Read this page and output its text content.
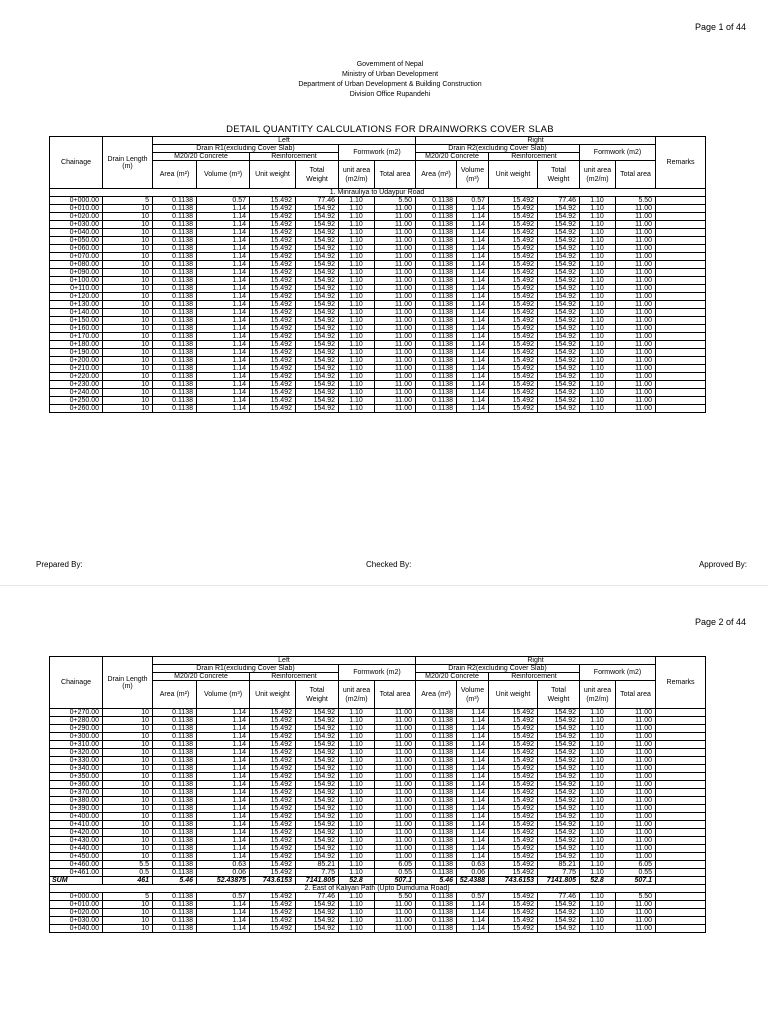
Page 1 of 44
Government of Nepal
Ministry of Urban Development
Department of Urban Development & Building Construction
Division Office Rupandehi
DETAIL QUANTITY CALCULATIONS FOR DRAINWORKS COVER SLAB
Chainage	Drain Length (m)	Left						Right						Remarks
		Drain R1(excluding Cover Slab)				Formwork (m2)		Drain R2(excluding Cover Slab)				Formwork (m2)		
		M20/20 Concrete		Reinforcement				M20/20 Concrete		Reinforcement				
		Area (m²)	Volume (m³)	Unit weight	Total Weight	unit area (m2/m)	Total area	Area (m²)	Volume (m³)	Unit weight	Total Weight	unit area (m2/m)	Total area	
1. Minrauliya to Udaypur Road														
0+000.00	5	0.1138	0.57	15.492	77.46	1.10	5.50	0.1138	0.57	15.492	77.46	1.10	5.50	
0+010.00	10	0.1138	1.14	15.492	154.92	1.10	11.00	0.1138	1.14	15.492	154.92	1.10	11.00	
0+020.00	10	0.1138	1.14	15.492	154.92	1.10	11.00	0.1138	1.14	15.492	154.92	1.10	11.00	
0+030.00	10	0.1138	1.14	15.492	154.92	1.10	11.00	0.1138	1.14	15.492	154.92	1.10	11.00	
0+040.00	10	0.1138	1.14	15.492	154.92	1.10	11.00	0.1138	1.14	15.492	154.92	1.10	11.00	
0+050.00	10	0.1138	1.14	15.492	154.92	1.10	11.00	0.1138	1.14	15.492	154.92	1.10	11.00	
0+060.00	10	0.1138	1.14	15.492	154.92	1.10	11.00	0.1138	1.14	15.492	154.92	1.10	11.00	
0+070.00	10	0.1138	1.14	15.492	154.92	1.10	11.00	0.1138	1.14	15.492	154.92	1.10	11.00	
0+080.00	10	0.1138	1.14	15.492	154.92	1.10	11.00	0.1138	1.14	15.492	154.92	1.10	11.00	
0+090.00	10	0.1138	1.14	15.492	154.92	1.10	11.00	0.1138	1.14	15.492	154.92	1.10	11.00	
0+100.00	10	0.1138	1.14	15.492	154.92	1.10	11.00	0.1138	1.14	15.492	154.92	1.10	11.00	
0+110.00	10	0.1138	1.14	15.492	154.92	1.10	11.00	0.1138	1.14	15.492	154.92	1.10	11.00	
0+120.00	10	0.1138	1.14	15.492	154.92	1.10	11.00	0.1138	1.14	15.492	154.92	1.10	11.00	
0+130.00	10	0.1138	1.14	15.492	154.92	1.10	11.00	0.1138	1.14	15.492	154.92	1.10	11.00	
0+140.00	10	0.1138	1.14	15.492	154.92	1.10	11.00	0.1138	1.14	15.492	154.92	1.10	11.00	
0+150.00	10	0.1138	1.14	15.492	154.92	1.10	11.00	0.1138	1.14	15.492	154.92	1.10	11.00	
0+160.00	10	0.1138	1.14	15.492	154.92	1.10	11.00	0.1138	1.14	15.492	154.92	1.10	11.00	
0+170.00	10	0.1138	1.14	15.492	154.92	1.10	11.00	0.1138	1.14	15.492	154.92	1.10	11.00	
0+180.00	10	0.1138	1.14	15.492	154.92	1.10	11.00	0.1138	1.14	15.492	154.92	1.10	11.00	
0+190.00	10	0.1138	1.14	15.492	154.92	1.10	11.00	0.1138	1.14	15.492	154.92	1.10	11.00	
0+200.00	10	0.1138	1.14	15.492	154.92	1.10	11.00	0.1138	1.14	15.492	154.92	1.10	11.00	
0+210.00	10	0.1138	1.14	15.492	154.92	1.10	11.00	0.1138	1.14	15.492	154.92	1.10	11.00	
0+220.00	10	0.1138	1.14	15.492	154.92	1.10	11.00	0.1138	1.14	15.492	154.92	1.10	11.00	
0+230.00	10	0.1138	1.14	15.492	154.92	1.10	11.00	0.1138	1.14	15.492	154.92	1.10	11.00	
0+240.00	10	0.1138	1.14	15.492	154.92	1.10	11.00	0.1138	1.14	15.492	154.92	1.10	11.00	
0+250.00	10	0.1138	1.14	15.492	154.92	1.10	11.00	0.1138	1.14	15.492	154.92	1.10	11.00	
0+260.00	10	0.1138	1.14	15.492	154.92	1.10	11.00	0.1138	1.14	15.492	154.92	1.10	11.00	
Prepared By:	Checked By:	Approved By:
Page 2 of 44
Chainage	Drain Length (m)	Left						Right						Remarks
		Drain R1(excluding Cover Slab)				Formwork (m2)		Drain R2(excluding Cover Slab)				Formwork (m2)		
		M20/20 Concrete		Reinforcement				M20/20 Concrete		Reinforcement				
		Area (m²)	Volume (m³)	Unit weight	Total Weight	unit area (m2/m)	Total area	Area (m²)	Volume (m³)	Unit weight	Total Weight	unit area (m2/m)	Total area	
0+270.00	10	0.1138	1.14	15.492	154.92	1.10	11.00	0.1138	1.14	15.492	154.92	1.10	11.00	
0+280.00	10	0.1138	1.14	15.492	154.92	1.10	11.00	0.1138	1.14	15.492	154.92	1.10	11.00	
0+290.00	10	0.1138	1.14	15.492	154.92	1.10	11.00	0.1138	1.14	15.492	154.92	1.10	11.00	
0+300.00	10	0.1138	1.14	15.492	154.92	1.10	11.00	0.1138	1.14	15.492	154.92	1.10	11.00	
0+310.00	10	0.1138	1.14	15.492	154.92	1.10	11.00	0.1138	1.14	15.492	154.92	1.10	11.00	
0+320.00	10	0.1138	1.14	15.492	154.92	1.10	11.00	0.1138	1.14	15.492	154.92	1.10	11.00	
0+330.00	10	0.1138	1.14	15.492	154.92	1.10	11.00	0.1138	1.14	15.492	154.92	1.10	11.00	
0+340.00	10	0.1138	1.14	15.492	154.92	1.10	11.00	0.1138	1.14	15.492	154.92	1.10	11.00	
0+350.00	10	0.1138	1.14	15.492	154.92	1.10	11.00	0.1138	1.14	15.492	154.92	1.10	11.00	
0+360.00	10	0.1138	1.14	15.492	154.92	1.10	11.00	0.1138	1.14	15.492	154.92	1.10	11.00	
0+370.00	10	0.1138	1.14	15.492	154.92	1.10	11.00	0.1138	1.14	15.492	154.92	1.10	11.00	
0+380.00	10	0.1138	1.14	15.492	154.92	1.10	11.00	0.1138	1.14	15.492	154.92	1.10	11.00	
0+390.00	10	0.1138	1.14	15.492	154.92	1.10	11.00	0.1138	1.14	15.492	154.92	1.10	11.00	
0+400.00	10	0.1138	1.14	15.492	154.92	1.10	11.00	0.1138	1.14	15.492	154.92	1.10	11.00	
0+410.00	10	0.1138	1.14	15.492	154.92	1.10	11.00	0.1138	1.14	15.492	154.92	1.10	11.00	
0+420.00	10	0.1138	1.14	15.492	154.92	1.10	11.00	0.1138	1.14	15.492	154.92	1.10	11.00	
0+430.00	10	0.1138	1.14	15.492	154.92	1.10	11.00	0.1138	1.14	15.492	154.92	1.10	11.00	
0+440.00	10	0.1138	1.14	15.492	154.92	1.10	11.00	0.1138	1.14	15.492	154.92	1.10	11.00	
0+450.00	10	0.1138	1.14	15.492	154.92	1.10	11.00	0.1138	1.14	15.492	154.92	1.10	11.00	
0+460.00	5.5	0.1138	0.63	15.492	85.21	1.10	6.05	0.1138	0.63	15.492	85.21	1.10	6.05	
0+461.00	0.5	0.1138	0.06	15.492	7.75	1.10	0.55	0.1138	0.06	15.492	7.75	1.10	0.55	
SUM	461	5.46	52.43875	743.6153	7141.805	52.8	507.1	5.46	52.4388	743.6153	7141.805	52.8	507.1	
2. East of Kaliyan Path (Upto Dumduma Road)														
0+000.00	5	0.1138	0.57	15.492	77.46	1.10	5.50	0.1138	0.57	15.492	77.46	1.10	5.50	
0+010.00	10	0.1138	1.14	15.492	154.92	1.10	11.00	0.1138	1.14	15.492	154.92	1.10	11.00	
0+020.00	10	0.1138	1.14	15.492	154.92	1.10	11.00	0.1138	1.14	15.492	154.92	1.10	11.00	
0+030.00	10	0.1138	1.14	15.492	154.92	1.10	11.00	0.1138	1.14	15.492	154.92	1.10	11.00	
0+040.00	10	0.1138	1.14	15.492	154.92	1.10	11.00	0.1138	1.14	15.492	154.92	1.10	11.00	
